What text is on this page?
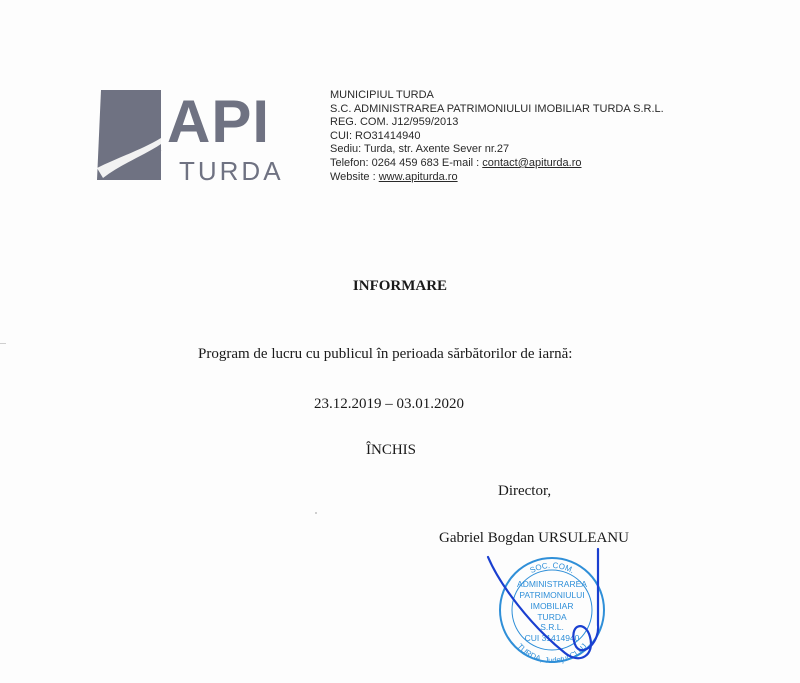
API
TURDA
MUNICIPIUL TURDA
S.C. ADMINISTRAREA PATRIMONIULUI IMOBILIAR TURDA S.R.L.
REG. COM. J12/959/2013
CUI: RO31414940
Sediu: Turda, str. Axente Sever nr.27
Telefon: 0264 459 683 E-mail : contact@apiturda.ro
Website : www.apiturda.ro
INFORMARE
Program de lucru cu publicul în perioada sărbătorilor de iarnă:
23.12.2019 – 03.01.2020
ÎNCHIS
Director,
Gabriel Bogdan URSULEANU
SOC. COM.
TURDA, Judeţul CLUJ
ADMINISTRAREA
PATRIMONIULUI
IMOBILIAR
TURDA
S.R.L.
CUI 31414940
